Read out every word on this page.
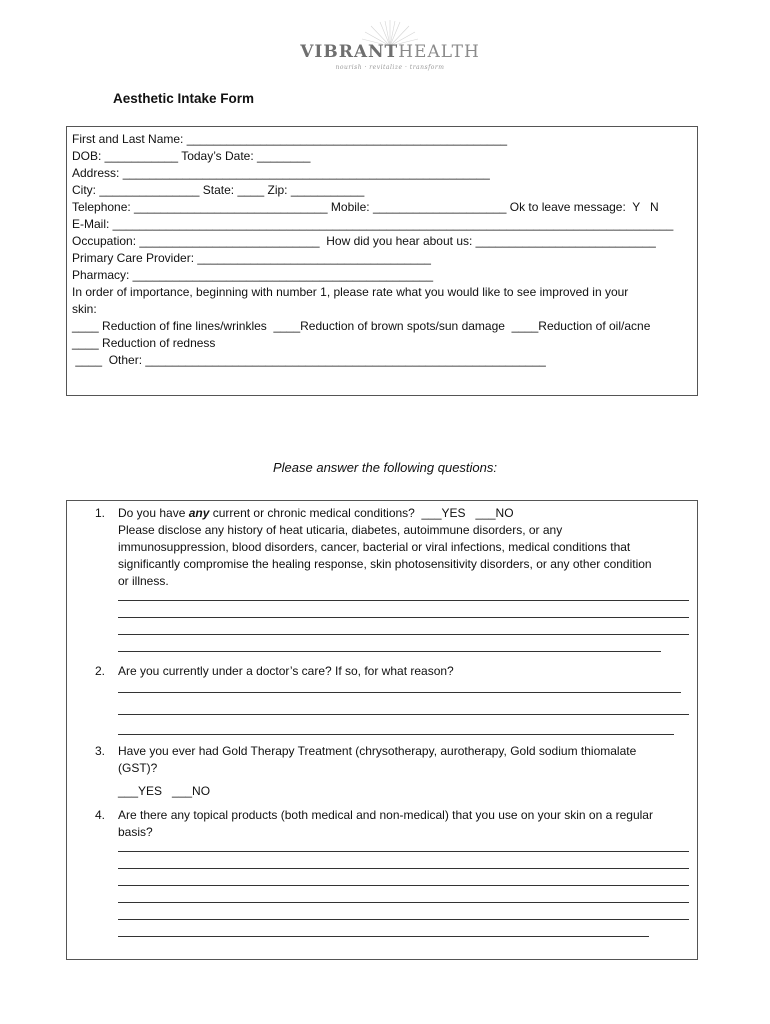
VIBRANTHEALTH
nourish · revitalize · transform
Aesthetic Intake Form
First and Last Name: ________________________________________________
DOB: ___________ Today’s Date: ________
Address: _______________________________________________________
City: _______________ State: ____ Zip: ___________
Telephone: _____________________________ Mobile: ____________________ Ok to leave message:  Y   N
E-Mail: ____________________________________________________________________________________
Occupation: ___________________________  How did you hear about us: ___________________________
Primary Care Provider: ___________________________________
Pharmacy: _____________________________________________
In order of importance, beginning with number 1, please rate what you would like to see improved in your
skin:
____ Reduction of fine lines/wrinkles  ____Reduction of brown spots/sun damage  ____Reduction of oil/acne
____ Reduction of redness
____  Other: ____________________________________________________________
Please answer the following questions:
1. Do you have any current or chronic medical conditions?  ___YES   ___NO
Please disclose any history of heat uticaria, diabetes, autoimmune disorders, or any
immunosuppression, blood disorders, cancer, bacterial or viral infections, medical conditions that
significantly compromise the healing response, skin photosensitivity disorders, or any other condition
or illness.
2. Are you currently under a doctor’s care? If so, for what reason?
3. Have you ever had Gold Therapy Treatment (chrysotherapy, aurotherapy, Gold sodium thiomalate
(GST)?
___YES   ___NO
4. Are there any topical products (both medical and non-medical) that you use on your skin on a regular
basis?
